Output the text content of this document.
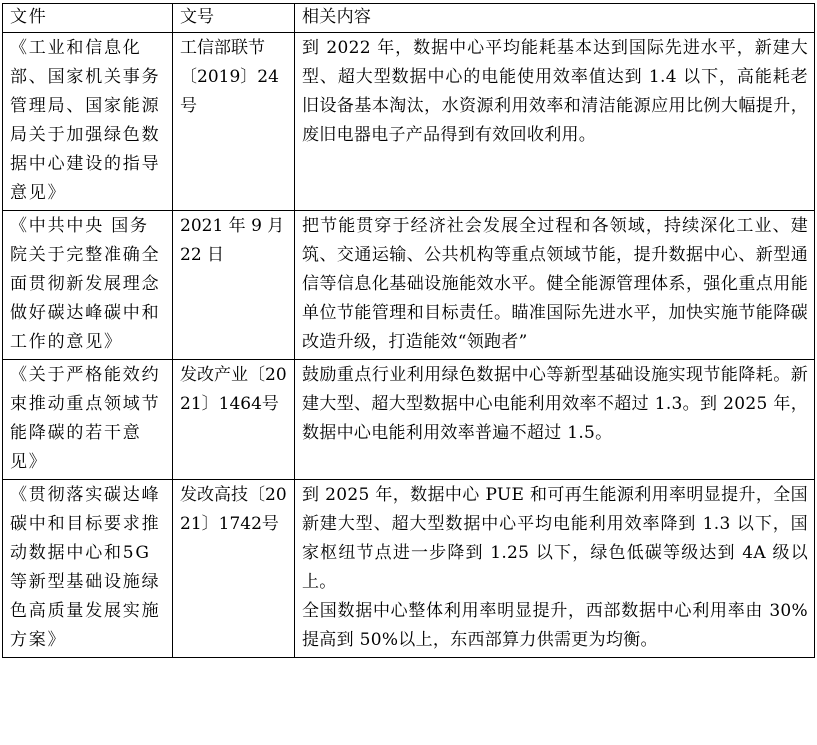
文件	文号	相关内容
《工业和信息化部、国家机关事务管理局、国家能源局关于加强绿色数据中心建设的指导意见》	工信部联节〔2019〕24号	到 2022 年，数据中心平均能耗基本达到国际先进水平，新建大型、超大型数据中心的电能使用效率值达到 1.4 以下，高能耗老旧设备基本淘汰，水资源利用效率和清洁能源应用比例大幅提升，废旧电器电子产品得到有效回收利用。

《中共中央 国务院关于完整准确全面贯彻新发展理念做好碳达峰碳中和工作的意见》	2021 年 9 月 22 日	把节能贯穿于经济社会发展全过程和各领域，持续深化工业、建筑、交通运输、公共机构等重点领域节能，提升数据中心、新型通信等信息化基础设施能效水平。健全能源管理体系，强化重点用能单位节能管理和目标责任。瞄准国际先进水平，加快实施节能降碳改造升级，打造能效“领跑者”

《关于严格能效约束推动重点领域节能降碳的若干意见》	发改产业〔2021〕1464号	鼓励重点行业利用绿色数据中心等新型基础设施实现节能降耗。新建大型、超大型数据中心电能利用效率不超过 1.3。到 2025 年，数据中心电能利用效率普遍不超过 1.5。

《贯彻落实碳达峰碳中和目标要求推动数据中心和5G 等新型基础设施绿色高质量发展实施方案》	发改高技〔2021〕1742号	到 2025 年，数据中心 PUE 和可再生能源利用率明显提升，全国新建大型、超大型数据中心平均电能利用效率降到 1.3 以下，国家枢纽节点进一步降到 1.25 以下，绿色低碳等级达到 4A 级以上。
全国数据中心整体利用率明显提升，西部数据中心利用率由 30%提高到 50%以上，东西部算力供需更为均衡。
